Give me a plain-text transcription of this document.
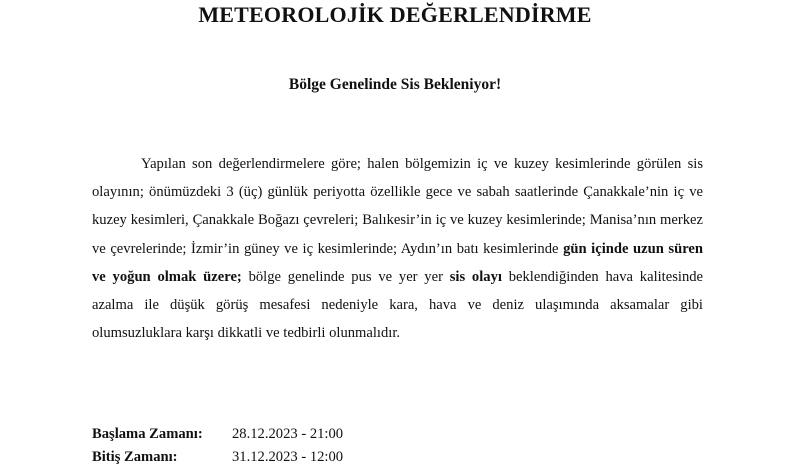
METEOROLOJİK DEĞERLENDİRME
Bölge Genelinde Sis Bekleniyor!

Yapılan son değerlendirmelere göre; halen bölgemizin iç ve kuzey kesimlerinde görülen sis olayının; önümüzdeki 3 (üç) günlük periyotta özellikle gece ve sabah saatlerinde Çanakkale’nin iç ve kuzey kesimleri, Çanakkale Boğazı çevreleri; Balıkesir’in iç ve kuzey kesimlerinde; Manisa’nın merkez ve çevrelerinde; İzmir’in güney ve iç kesimlerinde; Aydın’ın batı kesimlerinde gün içinde uzun süren ve yoğun olmak üzere; bölge genelinde pus ve yer yer sis olayı beklendiğinden hava kalitesinde azalma ile düşük görüş mesafesi nedeniyle kara, hava ve deniz ulaşımında aksamalar gibi olumsuzluklara karşı dikkatli ve tedbirli olunmalıdır.

Başlama Zamanı: 28.12.2023 - 21:00
Bitiş Zamanı:	31.12.2023 - 12:00
